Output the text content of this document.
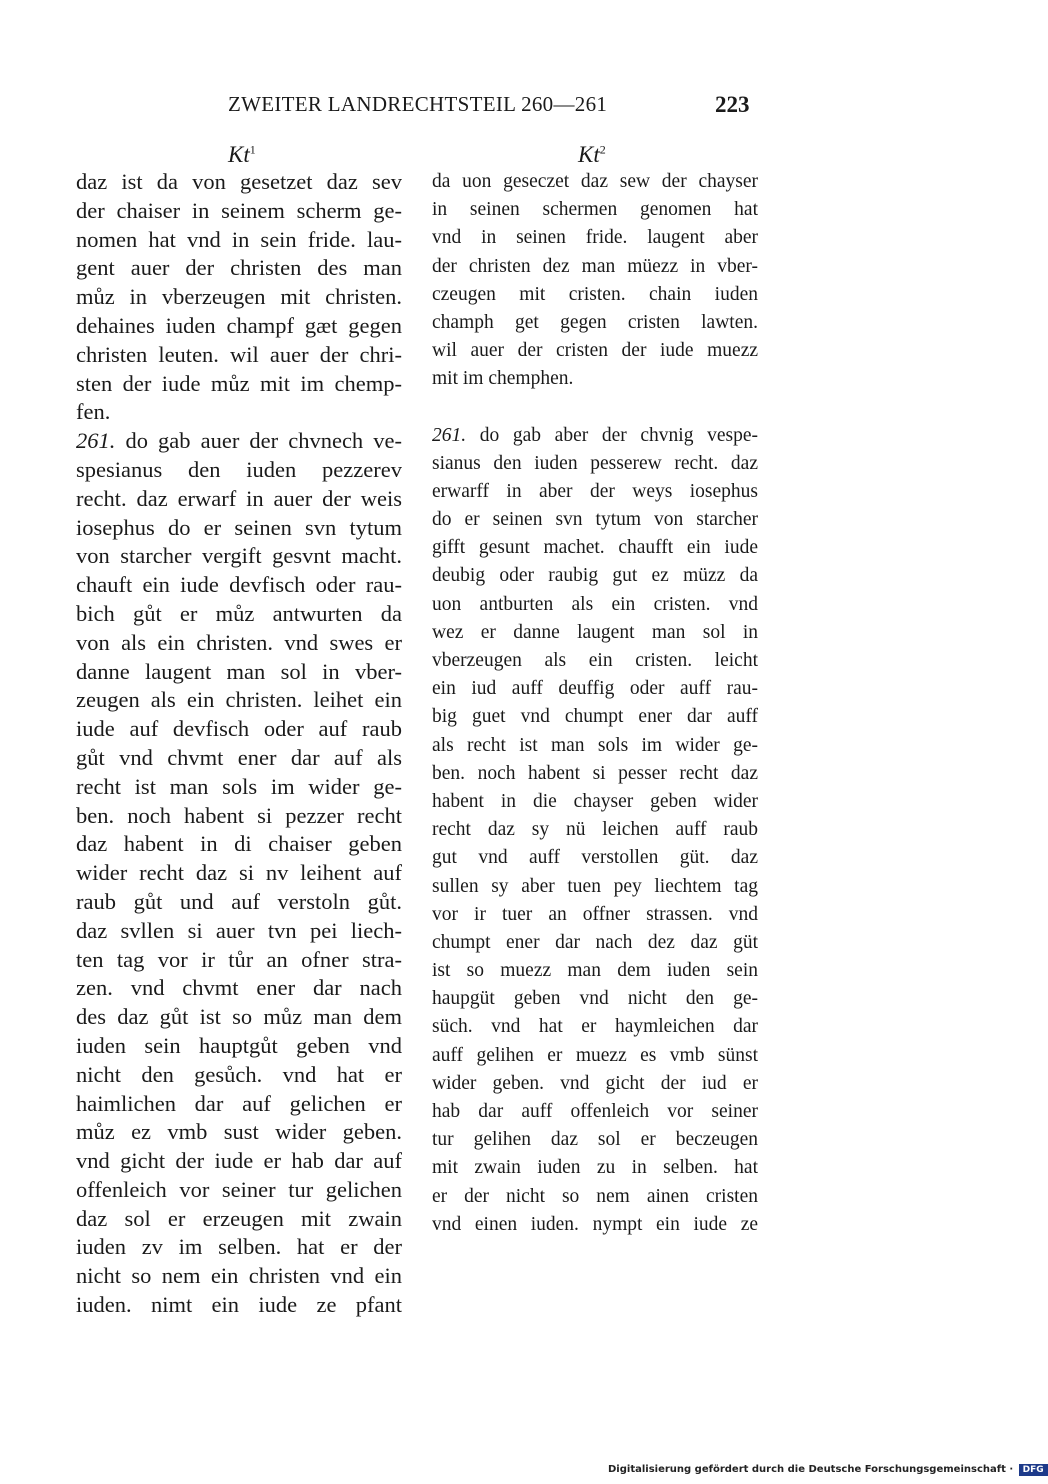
ZWEITER LANDRECHTSTEIL 260—261	223
Kt$^1$	Kt$^2$
daz ist da von gesetzet daz sev
der chaiser in seinem scherm ge-
nomen hat vnd in sein fride. lau-
gent auer der christen des man
můz in vberzeugen mit christen.
dehaines iuden champf gæt gegen
christen leuten. wil auer der chri-
sten der iude můz mit im chemp-
fen.
261. do gab auer der chvnech ve-
spesianus den iuden pezzerev
recht. daz erwarf in auer der weis
iosephus do er seinen svn tytum
von starcher vergift gesvnt macht.
chauft ein iude devfisch oder rau-
bich gůt er můz antwurten da
von als ein christen. vnd swes er
danne laugent man sol in vber-
zeugen als ein christen. leihet ein
iude auf devfisch oder auf raub
gůt vnd chvmt ener dar auf als
recht ist man sols im wider ge-
ben. noch habent si pezzer recht
daz habent in di chaiser geben
wider recht daz si nv leihent auf
raub gůt und auf verstoln gůt.
daz svllen si auer tvn pei liech-
ten tag vor ir tůr an ofner stra-
zen. vnd chvmt ener dar nach
des daz gůt ist so můz man dem
iuden sein hauptgůt geben vnd
nicht den gesůch. vnd hat er
haimlichen dar auf gelichen er
můz ez vmb sust wider geben.
vnd gicht der iude er hab dar auf
offenleich vor seiner tur gelichen
daz sol er erzeugen mit zwain
iuden zv im selben. hat er der
nicht so nem ein christen vnd ein
iuden. nimt ein iude ze pfant
da uon geseczet daz sew der chayser
in seinen schermen genomen hat
vnd in seinen fride. laugent aber
der christen dez man müezz in vber-
czeugen mit cristen. chain iuden
champh get gegen cristen lawten.
wil auer der cristen der iude muezz
mit im chemphen.
261. do gab aber der chvnig vespe-
sianus den iuden pesserew recht. daz
erwarff in aber der weys iosephus
do er seinen svn tytum von starcher
gifft gesunt machet. chaufft ein iude
deubig oder raubig gut ez müzz da
uon antburten als ein cristen. vnd
wez er danne laugent man sol in
vberzeugen als ein cristen. leicht
ein iud auff deuffig oder auff rau-
big guet vnd chumpt ener dar auff
als recht ist man sols im wider ge-
ben. noch habent si pesser recht daz
habent in die chayser geben wider
recht daz sy nü leichen auff raub
gut vnd auff verstollen güt. daz
sullen sy aber tuen pey liechtem tag
vor ir tuer an offner strassen. vnd
chumpt ener dar nach dez daz güt
ist so muezz man dem iuden sein
haupgüt geben vnd nicht den ge-
süch. vnd hat er haymleichen dar
auff gelihen er muezz es vmb sünst
wider geben. vnd gicht der iud er
hab dar auff offenleich vor seiner
tur gelihen daz sol er beczeugen
mit zwain iuden zu in selben. hat
er der nicht so nem ainen cristen
vnd einen iuden. nympt ein iude ze
Digitalisierung gefördert durch die Deutsche Forschungsgemeinschaft · DFG
